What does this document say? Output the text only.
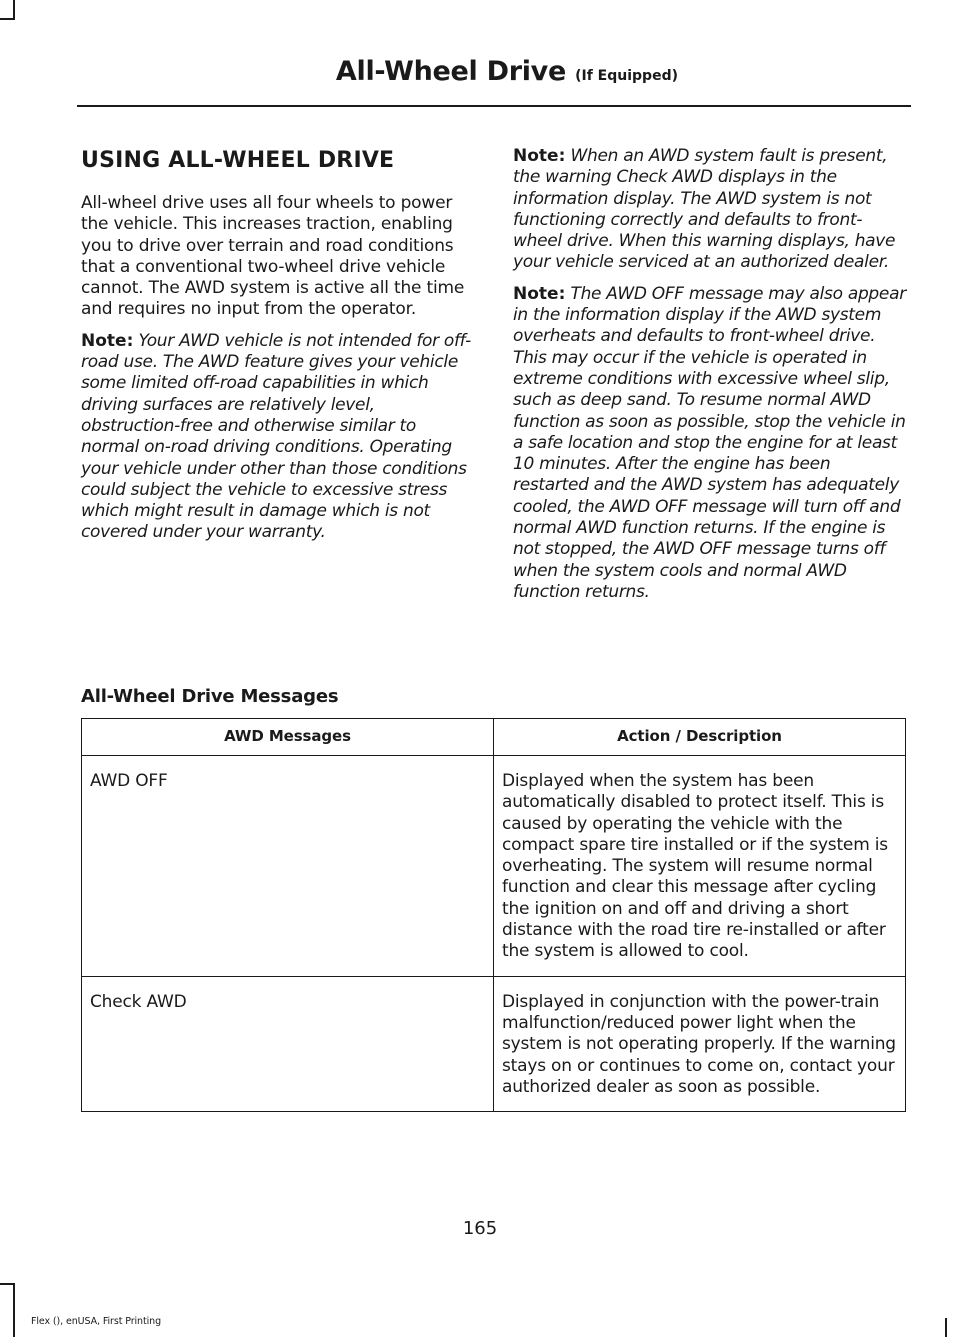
All-Wheel Drive (If Equipped)
USING ALL-WHEEL DRIVE

All-wheel drive uses all four wheels to power the vehicle. This increases traction, enabling you to drive over terrain and road conditions that a conventional two-wheel drive vehicle cannot. The AWD system is active all the time and requires no input from the operator.

Note: Your AWD vehicle is not intended for off-road use. The AWD feature gives your vehicle some limited off-road capabilities in which driving surfaces are relatively level, obstruction-free and otherwise similar to normal on-road driving conditions. Operating your vehicle under other than those conditions could subject the vehicle to excessive stress which might result in damage which is not covered under your warranty.

Note: When an AWD system fault is present, the warning Check AWD displays in the information display. The AWD system is not functioning correctly and defaults to front-wheel drive. When this warning displays, have your vehicle serviced at an authorized dealer.

Note: The AWD OFF message may also appear in the information display if the AWD system overheats and defaults to front-wheel drive. This may occur if the vehicle is operated in extreme conditions with excessive wheel slip, such as deep sand. To resume normal AWD function as soon as possible, stop the vehicle in a safe location and stop the engine for at least 10 minutes. After the engine has been restarted and the AWD system has adequately cooled, the AWD OFF message will turn off and normal AWD function returns. If the engine is not stopped, the AWD OFF message turns off when the system cools and normal AWD function returns.

All-Wheel Drive Messages
AWD Messages	Action / Description
AWD OFF	Displayed when the system has been automatically disabled to protect itself. This is caused by operating the vehicle with the compact spare tire installed or if the system is overheating. The system will resume normal function and clear this message after cycling the ignition on and off and driving a short distance with the road tire re-installed or after the system is allowed to cool.
Check AWD	Displayed in conjunction with the power-train malfunction/reduced power light when the system is not operating properly. If the warning stays on or continues to come on, contact your authorized dealer as soon as possible.
165
Flex (), enUSA, First Printing
